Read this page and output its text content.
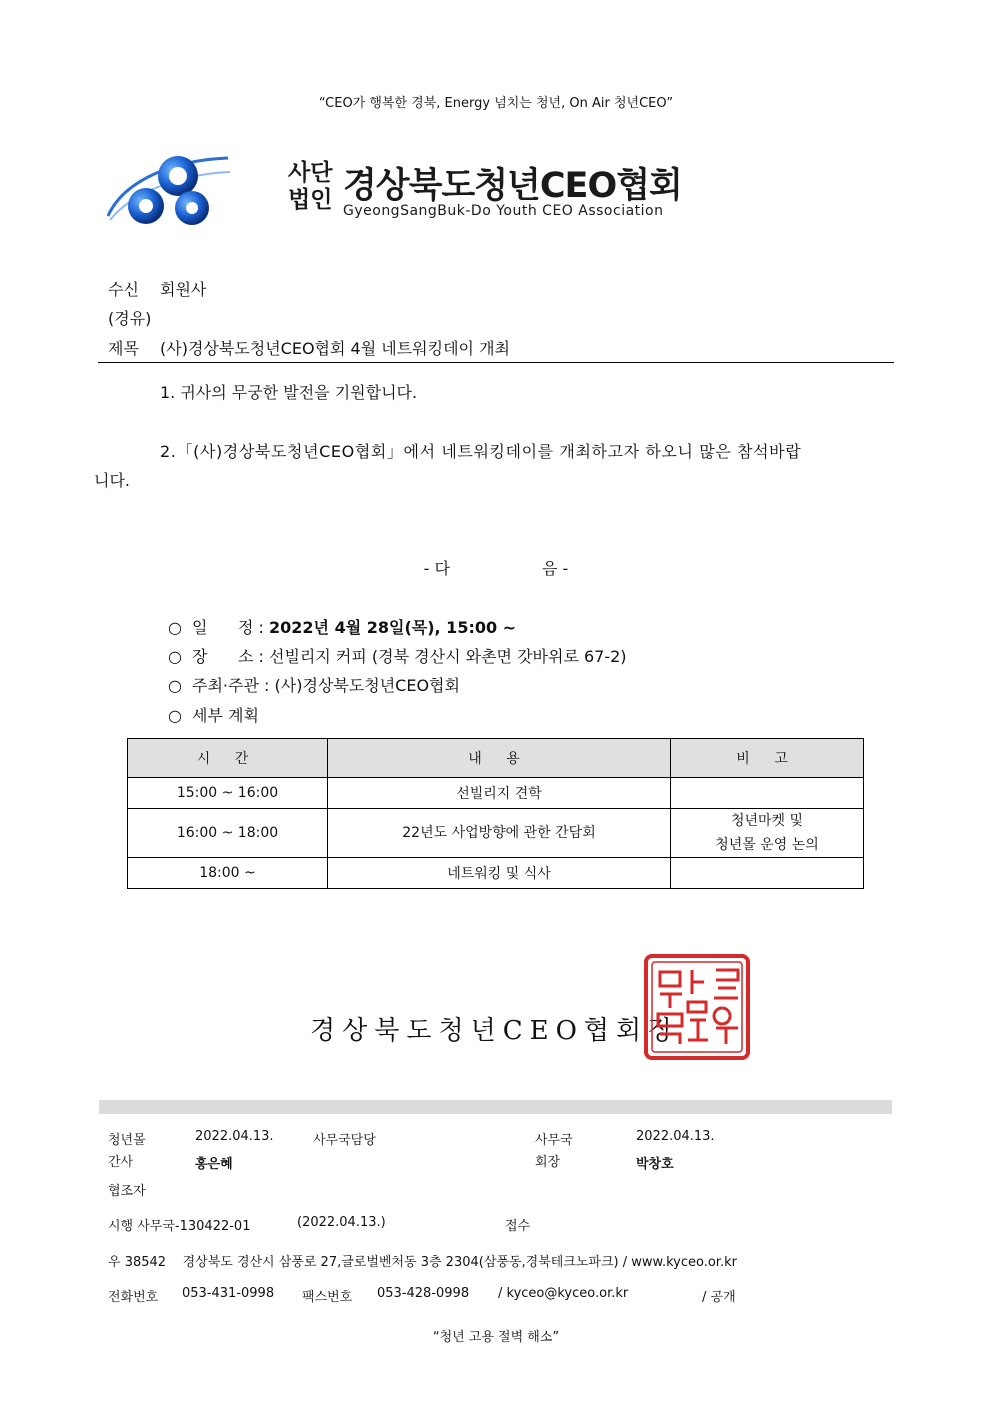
“CEO가 행복한 경북, Energy 넘치는 청년, On Air 청년CEO”
사단
법인 경상북도청년CEO협회
GyeongSangBuk-Do Youth CEO Association
수신 회원사
(경유)
제목 (사)경상북도청년CEO협회 4월 네트워킹데이 개최
1. 귀사의 무궁한 발전을 기원합니다.
2.「(사)경상북도청년CEO협회」에서 네트워킹데이를 개최하고자 하오니 많은 참석바랍
니다.
- 다	음 -
○ 일      정 : 2022년 4월 28일(목), 15:00 ~
○ 장      소 : 선빌리지 커피 (경북 경산시 와촌면 갓바위로 67-2)
○ 주최·주관 : (사)경상북도청년CEO협회
○ 세부 계획
시 간	내 용	비 고
15:00 ~ 16:00	선빌리지 견학	
16:00 ~ 18:00	22년도 사업방향에 관한 간담회	청년마켓 및
청년몰 운영 논의

18:00 ~	네트워킹 및 식사	
경상북도청년CEO협회장
청년몰	2022.04.13.	사무국담당	사무국	2022.04.13.
간사	홍은혜	회장	박창호
협조자
시행 사무국-130422-01	(2022.04.13.)	접수
우 38542    경상북도 경산시 삼풍로 27,글로벌벤처동 3층 2304(삼풍동,경북테크노파크) / www.kyceo.or.kr
전화번호 053-431-0998 팩스번호 053-428-0998 / kyceo@kyceo.or.kr	/ 공개
“청년 고용 절벽 해소”
